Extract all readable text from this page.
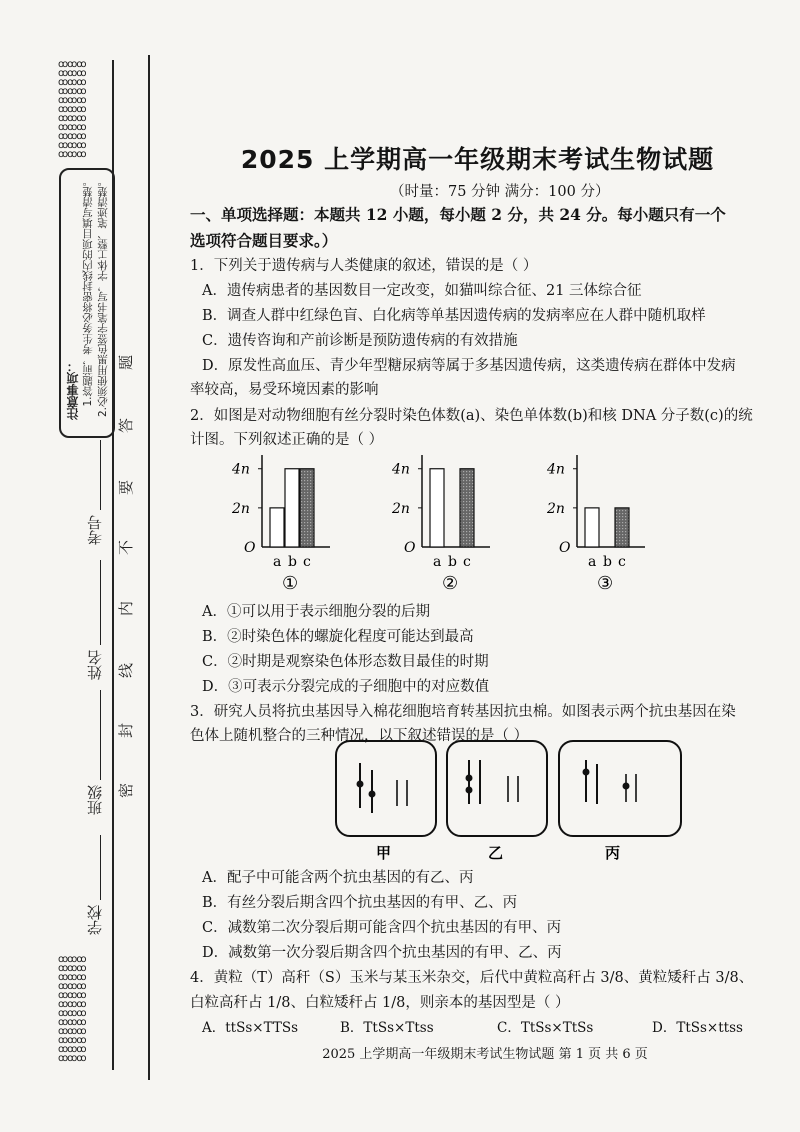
ꝏꝏꝏ
ꝏꝏꝏ
ꝏꝏꝏ
ꝏꝏꝏ
ꝏꝏꝏ
ꝏꝏꝏ
ꝏꝏꝏ
ꝏꝏꝏ
ꝏꝏꝏ
ꝏꝏꝏ
ꝏꝏꝏ
ꝏꝏꝏ
ꝏꝏꝏ
ꝏꝏꝏ
ꝏꝏꝏ
ꝏꝏꝏ
ꝏꝏꝏ
ꝏꝏꝏ
ꝏꝏꝏ
ꝏꝏꝏ
ꝏꝏꝏ
ꝏꝏꝏ
ꝏꝏꝏ
注意事项： 1.答题前，考生务必将密封线内的项目填写清楚。 2.必须使用黑色签字笔书写，字体工整、笔迹清楚。
考号
姓名
班级
学校
密
封
线
内
不
要
答
题
2025 上学期高一年级期末考试生物试题
（时量：75 分钟 满分：100 分）
一、单项选择题：本题共 12 小题，每小题 2 分，共 24 分。每小题只有一个
选项符合题目要求。）
1．下列关于遗传病与人类健康的叙述，错误的是（ ）
A．遗传病患者的基因数目一定改变，如猫叫综合征、21 三体综合征
B．调查人群中红绿色盲、白化病等单基因遗传病的发病率应在人群中随机取样
C．遗传咨询和产前诊断是预防遗传病的有效措施
D．原发性高血压、青少年型糖尿病等属于多基因遗传病，这类遗传病在群体中发病
率较高，易受环境因素的影响
2．如图是对动物细胞有丝分裂时染色体数(a)、染色单体数(b)和核 DNA 分子数(c)的统
计图。下列叙述正确的是（ ）
O
4n
2n
a b c
①
O
4n
2n
a b c
②
O
4n
2n
a b c
③
A．①可以用于表示细胞分裂的后期
B．②时染色体的螺旋化程度可能达到最高
C．②时期是观察染色体形态数目最佳的时期
D．③可表示分裂完成的子细胞中的对应数值
3．研究人员将抗虫基因导入棉花细胞培育转基因抗虫棉。如图表示两个抗虫基因在染
色体上随机整合的三种情况，以下叙述错误的是（ ）
甲	乙	丙
A．配子中可能含两个抗虫基因的有乙、丙
B．有丝分裂后期含四个抗虫基因的有甲、乙、丙
C．减数第二次分裂后期可能含四个抗虫基因的有甲、丙
D．减数第一次分裂后期含四个抗虫基因的有甲、乙、丙
4．黄粒（T）高秆（S）玉米与某玉米杂交，后代中黄粒高秆占 3/8、黄粒矮秆占 3/8、
白粒高秆占 1/8、白粒矮秆占 1/8，则亲本的基因型是（ ）
A．ttSs×TTSs	B．TtSs×Ttss	C．TtSs×TtSs	D．TtSs×ttss
2025 上学期高一年级期末考试生物试题 第 1 页 共 6 页
